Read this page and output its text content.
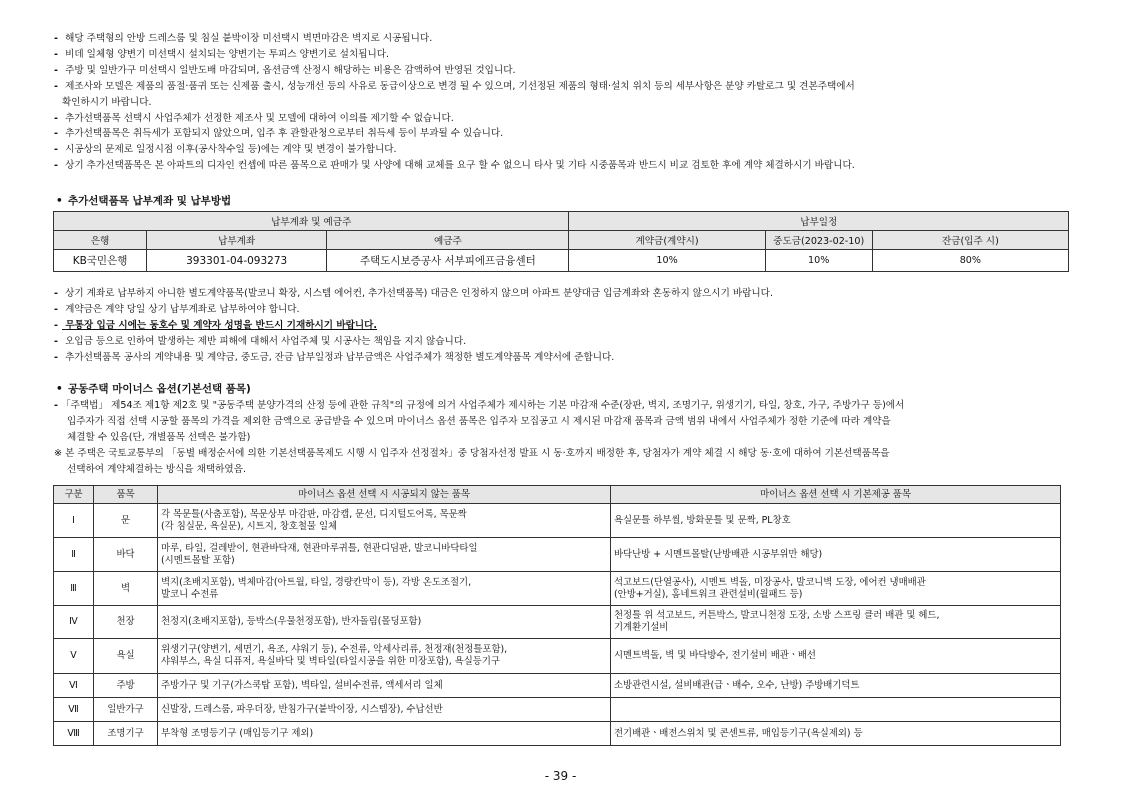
- 해당 주택형의 안방 드레스룸 및 침실 붙박이장 미선택시 벽면마감은 벽지로 시공됩니다.
- 비데 일체형 양변기 미선택시 설치되는 양변기는 투피스 양변기로 설치됩니다.
- 주방 및 일반가구 미선택시 일반도배 마감되며, 옵션금액 산정시 해당하는 비용은 감액하여 반영된 것입니다.
- 제조사와 모델은 제품의 품절·품귀 또는 신제품 출시, 성능개선 등의 사유로 동급이상으로 변경 될 수 있으며, 기선정된 제품의 형태·설치 위치 등의 세부사항은 분양 카탈로그 및 견본주택에서
확인하시기 바랍니다.
- 추가선택품목 선택시 사업주체가 선정한 제조사 및 모델에 대하여 이의를 제기할 수 없습니다.
- 추가선택품목은 취득세가 포함되지 않았으며, 입주 후 관할관청으로부터 취득세 등이 부과될 수 있습니다.
- 시공상의 문제로 일정시점 이후(공사착수일 등)에는 계약 및 변경이 불가합니다.
- 상기 추가선택품목은 본 아파트의 디자인 컨셉에 따른 품목으로 판매가 및 사양에 대해 교체를 요구 할 수 없으니 타사 및 기타 시중품목과 반드시 비교 검토한 후에 계약 체결하시기 바랍니다.
• 추가선택품목 납부계좌 및 납부방법
납부계좌 및 예금주			납부일정		
은행	납부계좌	예금주	계약금(계약시)	중도금(2023-02-10)	잔금(입주 시)
KB국민은행	393301-04-093273	주택도시보증공사 서부피에프금융센터	10%	10%	80%
- 상기 계좌로 납부하지 아니한 별도계약품목(발코니 확장, 시스템 에어컨, 추가선택품목) 대금은 인정하지 않으며 아파트 분양대금 입금계좌와 혼동하지 않으시기 바랍니다.
- 계약금은 계약 당일 상기 납부계좌로 납부하여야 합니다.
- 무통장 입금 시에는 동호수 및 계약자 성명을 반드시 기재하시기 바랍니다.
- 오입금 등으로 인하여 발생하는 제반 피해에 대해서 사업주체 및 시공사는 책임을 지지 않습니다.
- 추가선택품목 공사의 계약내용 및 계약금, 중도금, 잔금 납부일정과 납부금액은 사업주체가 책정한 별도계약품목 계약서에 준합니다.
• 공동주택 마이너스 옵션(기본선택 품목)
- 「주택법」 제54조 제1항 제2호 및 "공동주택 분양가격의 산정 등에 관한 규칙"의 규정에 의거 사업주체가 제시하는 기본 마감재 수준(장판, 벽지, 조명기구, 위생기기, 타일, 창호, 가구, 주방가구 등)에서
입주자가 직접 선택 시공할 품목의 가격을 제외한 금액으로 공급받을 수 있으며 마이너스 옵션 품목은 입주자 모집공고 시 제시된 마감재 품목과 금액 범위 내에서 사업주체가 정한 기준에 따라 계약을
체결할 수 있음(단, 개별품목 선택은 불가함)
※ 본 주택은 국토교통부의 「동별 배정순서에 의한 기본선택품목제도 시행 시 입주자 선정절차」중 당첨자선정 발표 시 동·호까지 배정한 후, 당첨자가 계약 체결 시 해당 동·호에 대하여 기본선택품목을
선택하여 계약체결하는 방식을 채택하였음.
구분	품목	마이너스 옵션 선택 시 시공되지 않는 품목	마이너스 옵션 선택 시 기본제공 품목
Ⅰ	문	각 목문틀(사춤포함), 목문상부 마감판, 마감캡, 문선, 디지털도어록, 목문짝
(각 침실문, 욕실문), 시트지, 창호철물 일체	욕실문틀 하부씰, 방화문틀 및 문짝, PL창호
Ⅱ	바닥	마루, 타일, 걸레받이, 현관바닥재, 현관마루귀틀, 현관디딤판, 발코니바닥타일
(시멘트몰탈 포함)	바닥난방 + 시멘트몰탈(난방배관 시공부위만 해당)
Ⅲ	벽	벽지(초배지포함), 벽체마감(아트월, 타일, 경량칸막이 등), 각방 온도조절기,
발코니 수전류	석고보드(단열공사), 시멘트 벽돌, 미장공사, 발코니벽 도장, 에어컨 냉매배관
(안방+거실), 홈네트워크 관련설비(월패드 등)
Ⅳ	천장	천정지(초배지포함), 등박스(우물천정포함), 반자돌림(몰딩포함)	천정틀 위 석고보드, 커튼박스, 발코니천정 도장, 소방 스프링 클러 배관 및 헤드,
기계환기설비
Ⅴ	욕실	위생기구(양변기, 세면기, 욕조, 샤워기 등), 수전류, 악세사리류, 천정재(천정틀포함),
샤워부스, 욕실 디퓨저, 욕실바닥 및 벽타일(타일시공을 위한 미장포함), 욕실등기구	시멘트벽돌, 벽 및 바닥방수, 전기설비 배관ㆍ배선
Ⅵ	주방	주방가구 및 기구(가스쿡탑 포함), 벽타일, 설비수전류, 액세서리 일체	소방관련시설, 설비배관(급ㆍ배수, 오수, 난방) 주방배기덕트
Ⅶ	일반가구	신발장, 드레스룸, 파우더장, 반침가구(붙박이장, 시스템장), 수납선반	
Ⅷ	조명기구	부착형 조명등기구 (매입등기구 제외)	전기배관ㆍ배전스위치 및 콘센트류, 매입등기구(욕실제외) 등
- 39 -
